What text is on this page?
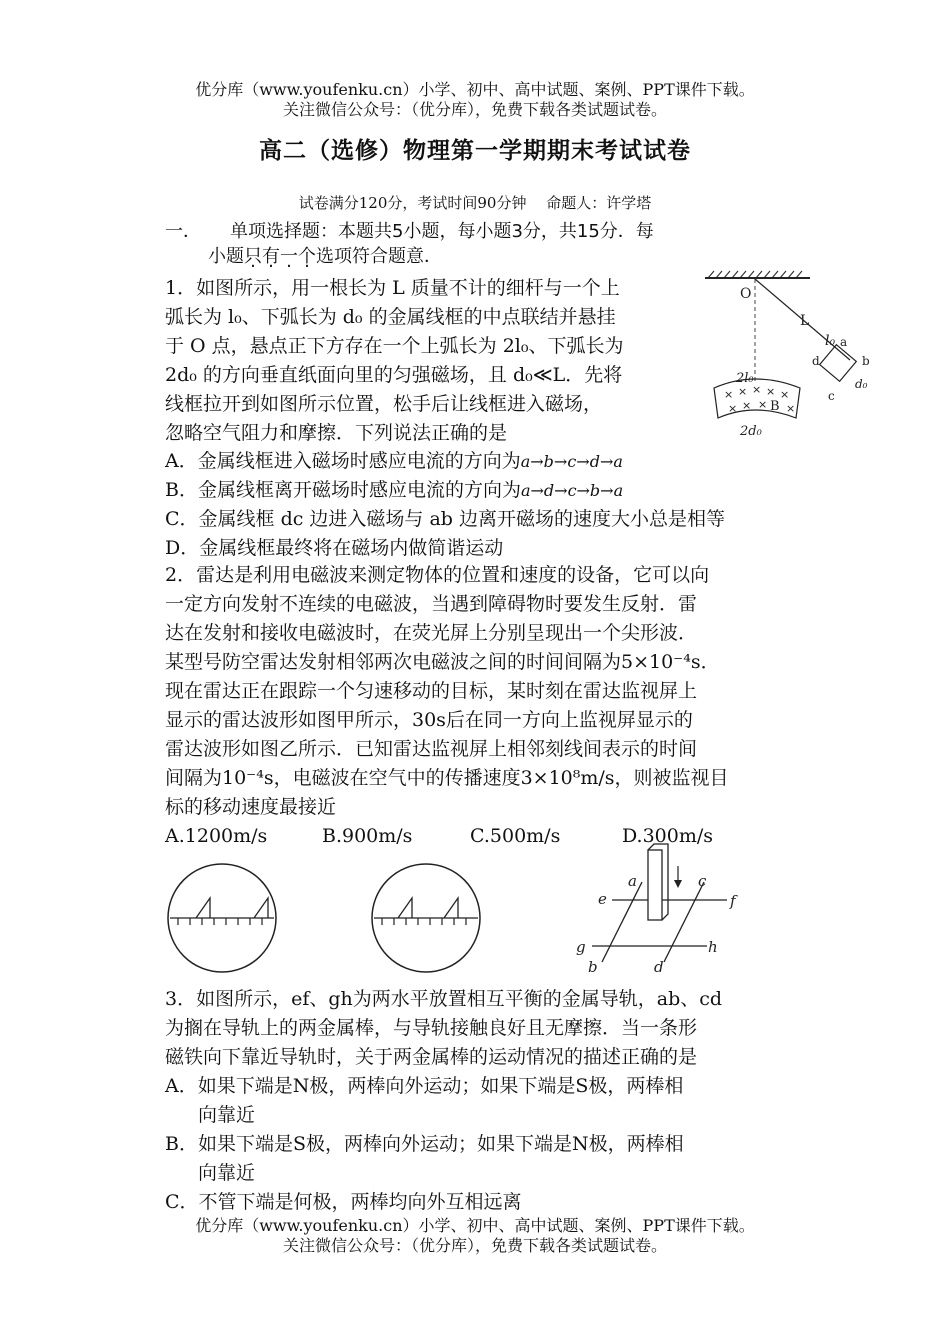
优分库（www.youfenku.cn）小学、初中、高中试题、案例、PPT课件下载。
关注微信公众号：（优分库），免费下载各类试题试卷。
高二（选修）物理第一学期期末考试试卷
试卷满分120分，考试时间90分钟　 命题人：许学塔
一． 单项选择题：本题共5小题，每小题3分，共15分．每
小题只有一个选项符合题意．
1．如图所示，用一根长为 L 质量不计的细杆与一个上
弧长为 l₀、下弧长为 d₀ 的金属线框的中点联结并悬挂
于 O 点，悬点正下方存在一个上弧长为 2l₀、下弧长为
2d₀ 的方向垂直纸面向里的匀强磁场，且 d₀≪L．先将
线框拉开到如图所示位置，松手后让线框进入磁场，
忽略空气阻力和摩擦．下列说法正确的是
A．金属线框进入磁场时感应电流的方向为a→b→c→d→a
B．金属线框离开磁场时感应电流的方向为a→d→c→b→a
C．金属线框 dc 边进入磁场与 ab 边离开磁场的速度大小总是相等
D．金属线框最终将在磁场内做简谐运动
× × × × ×
× × × ×
O
L
l₀ a
b
c
d
d₀
2l₀
2d₀
B
2．雷达是利用电磁波来测定物体的位置和速度的设备，它可以向
一定方向发射不连续的电磁波，当遇到障碍物时要发生反射．雷
达在发射和接收电磁波时，在荧光屏上分别呈现出一个尖形波．
某型号防空雷达发射相邻两次电磁波之间的时间间隔为5×10⁻⁴s．
现在雷达正在跟踪一个匀速移动的目标，某时刻在雷达监视屏上
显示的雷达波形如图甲所示，30s后在同一方向上监视屏显示的
雷达波形如图乙所示．已知雷达监视屏上相邻刻线间表示的时间
间隔为10⁻⁴s，电磁波在空气中的传播速度3×10⁸m/s，则被监视目
标的移动速度最接近
A.1200m/s	B.900m/s	C.500m/s	D.300m/s
a
b
c
d
e	f
g	h
3．如图所示，ef、gh为两水平放置相互平衡的金属导轨，ab、cd
为搁在导轨上的两金属棒，与导轨接触良好且无摩擦．当一条形
磁铁向下靠近导轨时，关于两金属棒的运动情况的描述正确的是
A．如果下端是N极，两棒向外运动；如果下端是S极，两棒相
向靠近
B．如果下端是S极，两棒向外运动；如果下端是N极，两棒相
向靠近
C．不管下端是何极，两棒均向外互相远离
优分库（www.youfenku.cn）小学、初中、高中试题、案例、PPT课件下载。
关注微信公众号：（优分库），免费下载各类试题试卷。
